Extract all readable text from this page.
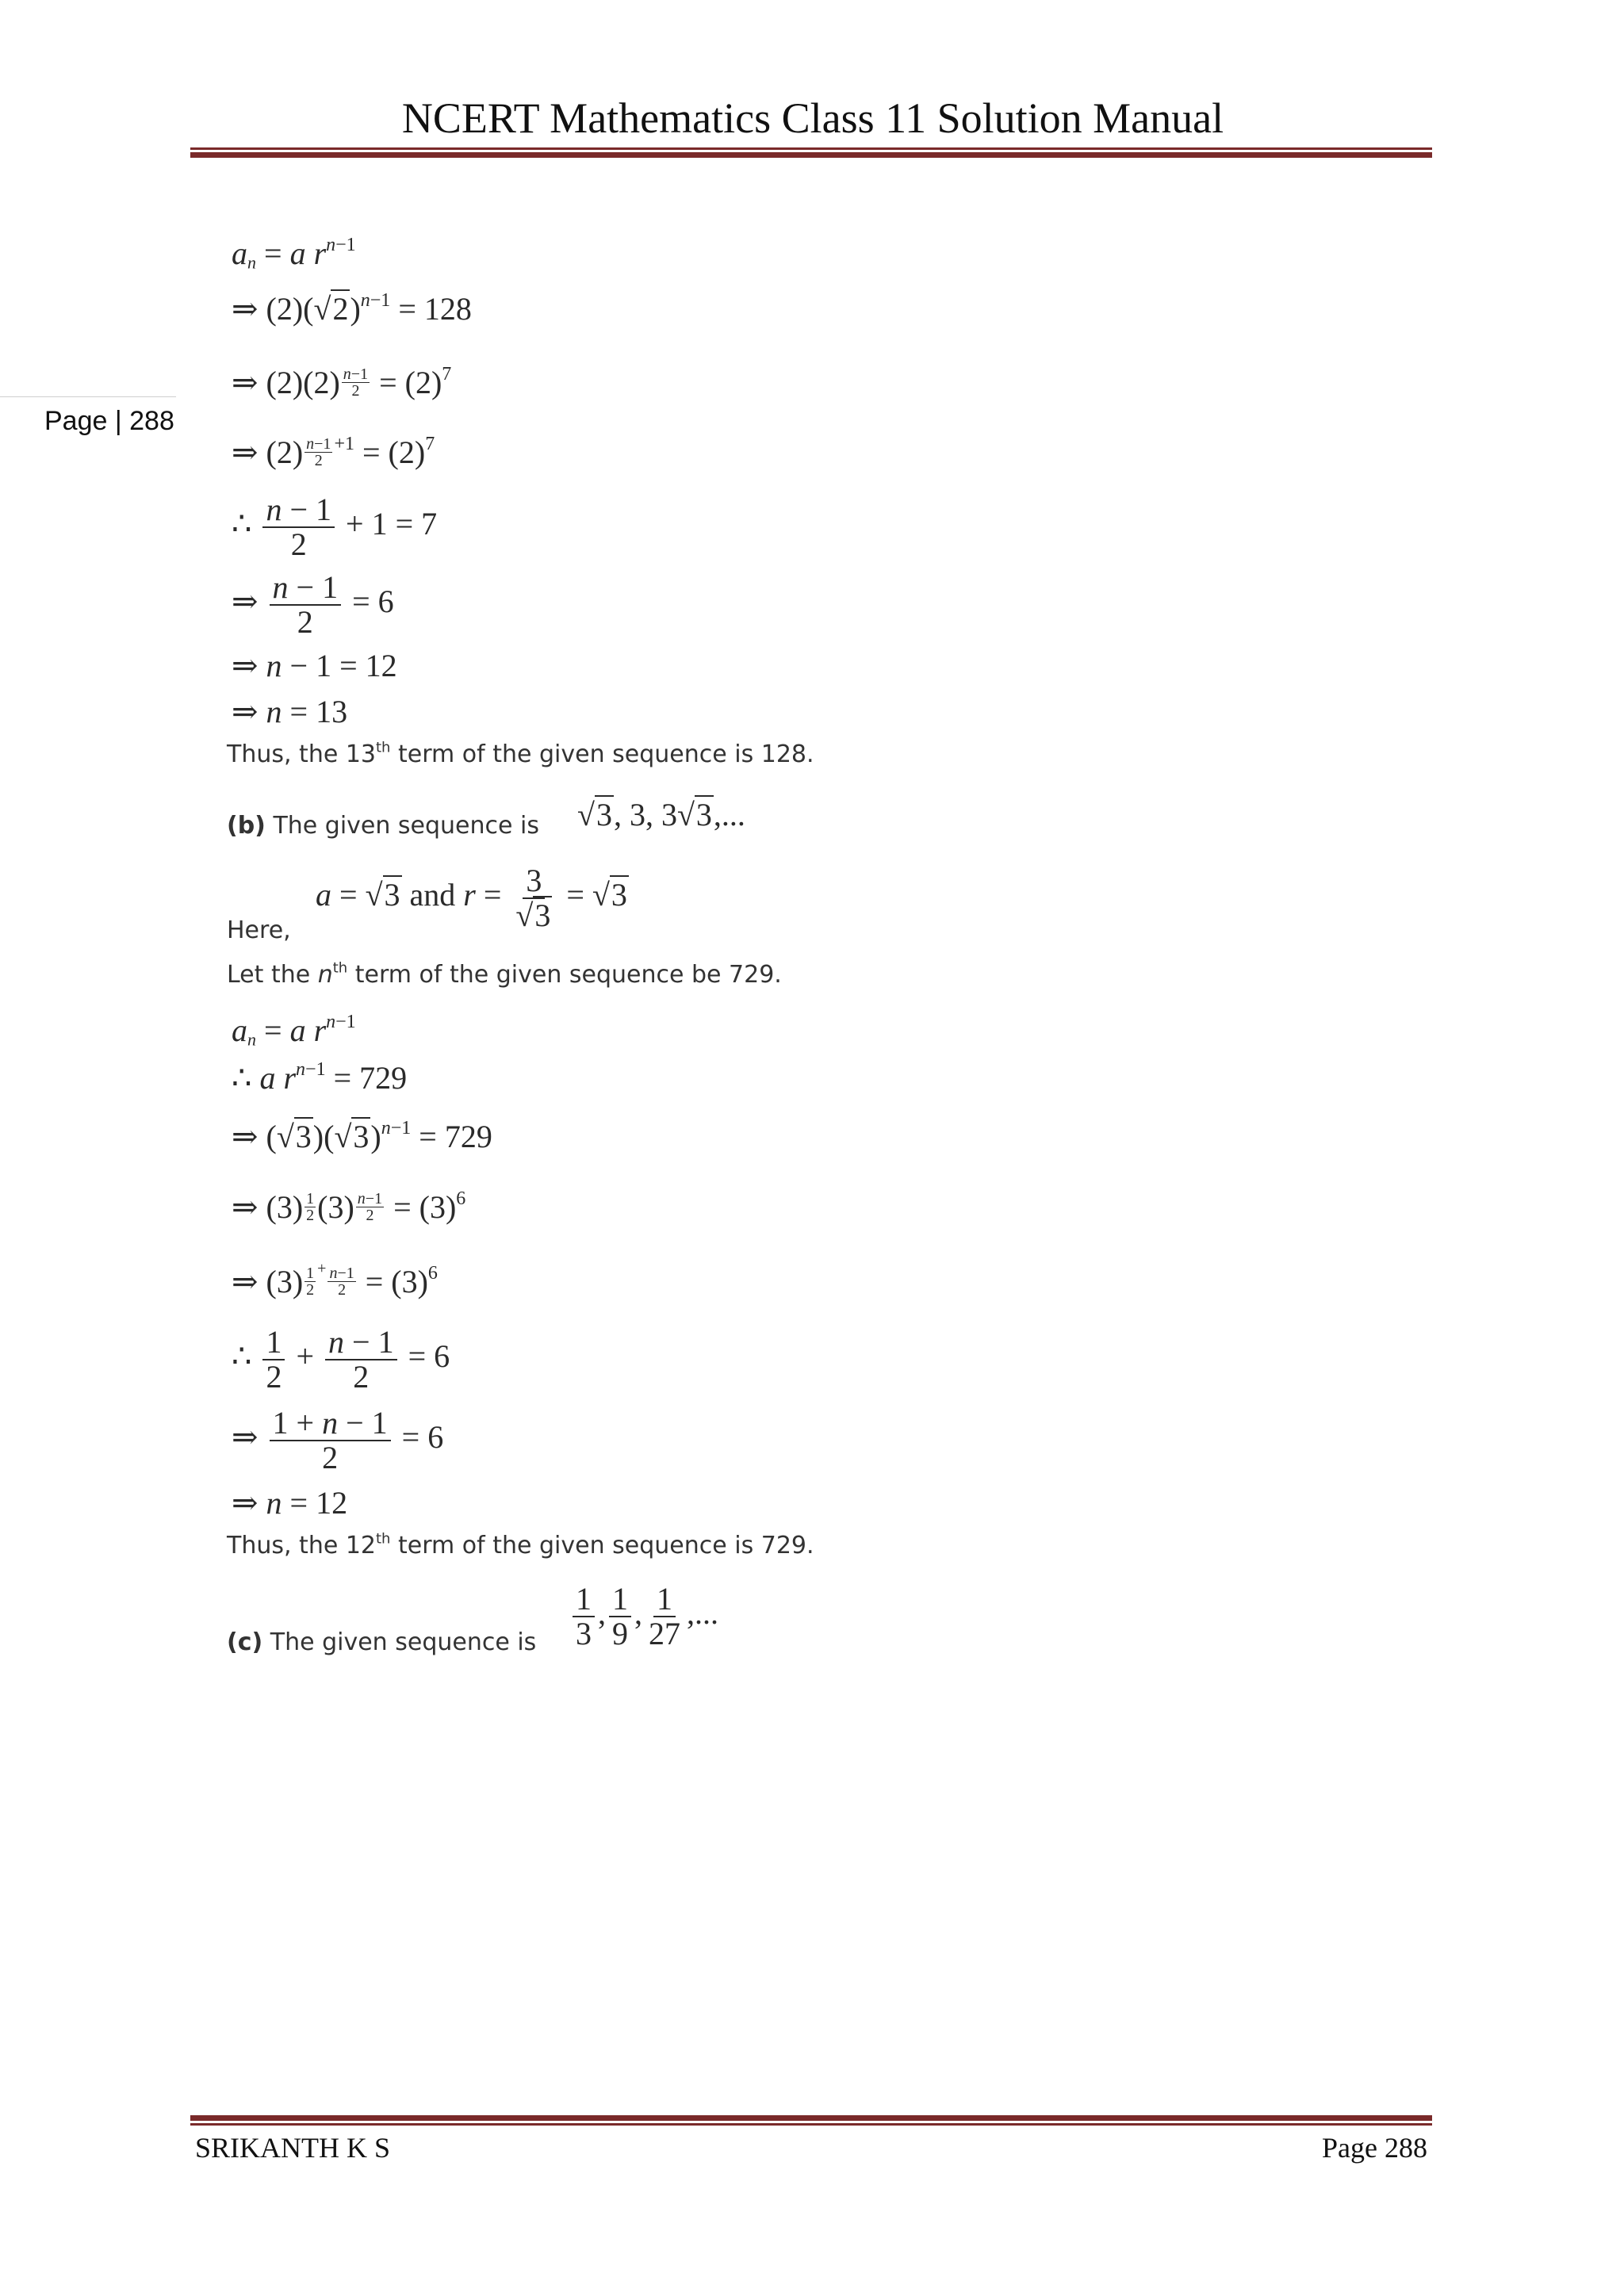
NCERT Mathematics Class 11 Solution Manual
Page | 288
$a_n = a$ $r^{n-1}$
⇒ $(2)(√2)^{n-1} = 128$
⇒ $(2)(2) \frac{n-1}{2} = (2)^7$
⇒ $(2) \frac{n-1}{2} ^{+1} = (2)^7$
∴ $\frac{n - 1}{2} + 1 = 7$
⇒ $\frac{n - 1}{2} = 6$
⇒ n − 1 = 12
⇒ n = 13
Thus, the 13th term of the given sequence is 128.
(b) The given sequence is √3, 3, 3√3,...
a = √3 and $r = \frac{3}{√3} = √3$
Here,
Let the $n^{th}$ term of the given sequence be 729.
$a_n = a$ $r^{n-1}$
∴ a $r^{n-1} = 729$
⇒ $(√3)(√3)^{n-1} = 729$
⇒ $(3) \frac{1}{2} (3) \frac{n-1}{2} = (3)^6$
⇒ $(3) \frac{1}{2} ^+ \frac{n-1}{2} = (3)^6$
∴ $\frac{1}{2} + \frac{n - 1}{2} = 6$
⇒ $\frac{1 + n - 1}{2} = 6$
⇒ n = 12
Thus, the 12th term of the given sequence is 729.
(c) The given sequence is $\frac{1}{3}$ , $\frac{1}{9}$ , $\frac{1}{27}$ ,...
SRIKANTH K S	Page 288
